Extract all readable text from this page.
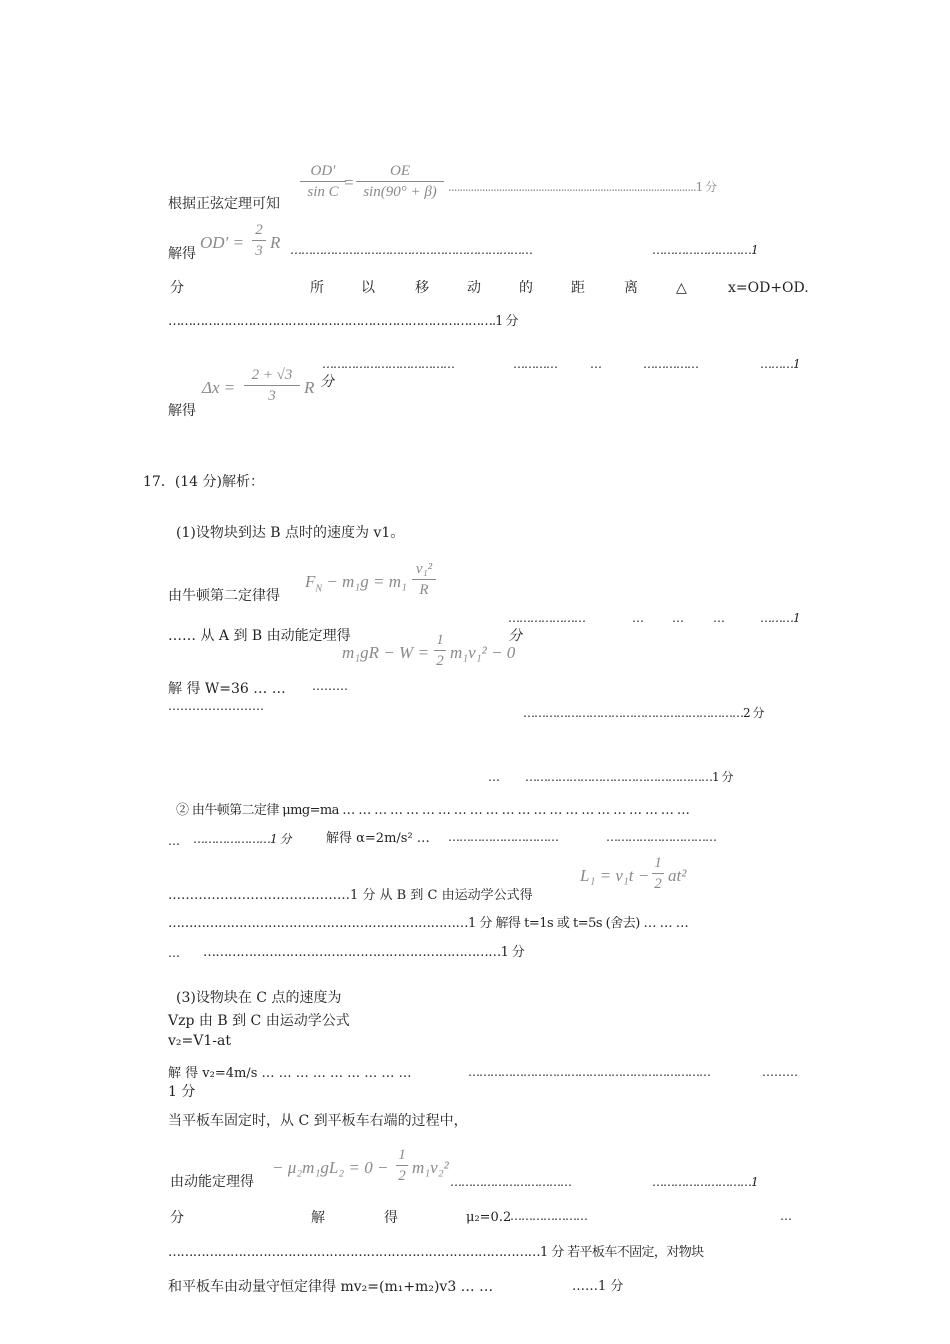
根据正弦定理可知
OD′
sin C =
OE
sin(90° + β) ........................................................................................1 分
解得
OD′ =
2
3 R …………………………………………………………	………………………1
分	所	以	移	动	的	距	离	△	x=OD+OD.
……………………………………………………………………….1 分
………………………………	…………	…	……………	………1
分
解得
Δx =
2 + √3
3	R
17．(14 分)解析：
(1)设物块到达 B 点时的速度为 v1。
由牛顿第二定律得
$F_N - m_1g = m_1$
v₁²
R
…………………	… … …	………1
…… 从 A 到 B 由动能定理得	分
m₁gR − W =
1
2 m₁v₁² − 0
解 得 W=36 … … ………
……………………	……………………………………………………2 分
… ……………………………………………1 分
② 由牛顿第二定律 μmg=ma … … … … … … … … … … … … … … … … … … … … … …
… …………………1 分	解得 α=2m/s² … …………………………	…………………………
……………………………………1 分 从 B 到 C 由运动学公式得
L₁ = v₁t −
1
2 at²
………………………………………………………………1 分 解得 t=1s 或 t=5s (舍去) … … …
… ………………………………………………………………1 分
(3)设物块在 C 点的速度为
Vzp 由 B 到 C 由运动学公式
v₂=V1-at
解 得 v₂=4m/s … … … … … … … … …	…………………………………………………………	………
1 分
当平板车固定时，从 C 到平板车右端的过程中，
由动能定理得
− μ₂m₁gL₂ = 0 −
1
2 m₁v₂²
……………………………	………………………1
分	解	得	μ₂=0.2
…………………	…
………………………………………………………………………………1 分 若平板车不固定，对物块
和平板车由动量守恒定律得 mv₂=(m₁+m₂)v3 … …	……1 分
